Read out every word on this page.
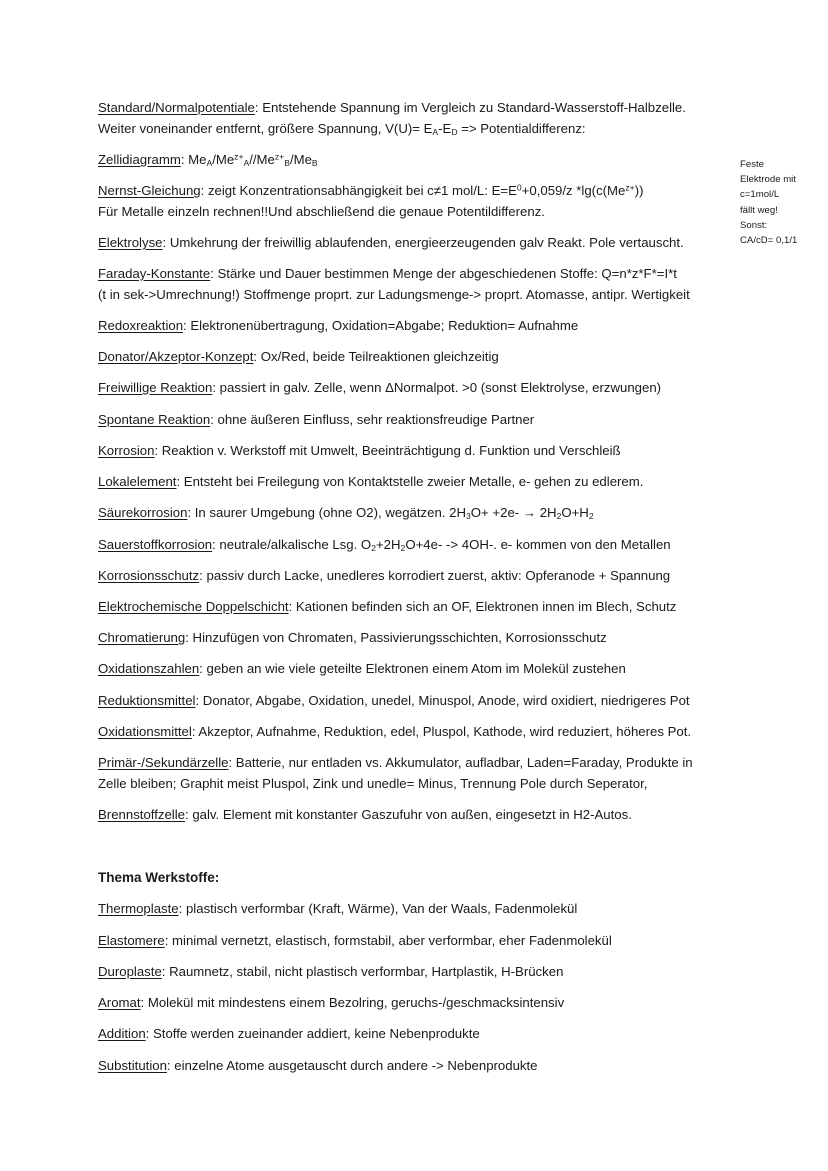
Standard/Normalpotentiale: Entstehende Spannung im Vergleich zu Standard-Wasserstoff-Halbzelle.
Weiter voneinander entfernt, größere Spannung, $V(U)= E_A-E_D$ => Potentialdifferenz:
Zellidiagramm: $Me_A/Me^{z+}_A//Me^{z+}_B/Me_B$
Nernst-Gleichung: zeigt Konzentrationsabhängigkeit bei c≠1 mol/L: $E=E^0+0,059/z$ $*\lg(c(Me^{z+}))$
Für Metalle einzeln rechnen!!Und abschließend die genaue Potentildifferenz.
Elektrolyse: Umkehrung der freiwillig ablaufenden, energieerzeugenden galv Reakt. Pole vertauscht.
Faraday-Konstante: Stärke und Dauer bestimmen Menge der abgeschiedenen Stoffe: Q=n*z*F*=I*t
(t in sek->Umrechnung!) Stoffmenge proprt. zur Ladungsmenge-> proprt. Atomasse, antipr. Wertigkeit
Redoxreaktion: Elektronenübertragung, Oxidation=Abgabe; Reduktion= Aufnahme
Donator/Akzeptor-Konzept: Ox/Red, beide Teilreaktionen gleichzeitig
Freiwillige Reaktion: passiert in galv. Zelle, wenn ΔNormalpot. >0 (sonst Elektrolyse, erzwungen)
Spontane Reaktion: ohne äußeren Einfluss, sehr reaktionsfreudige Partner
Korrosion: Reaktion v. Werkstoff mit Umwelt, Beeinträchtigung d. Funktion und Verschleiß
Lokalelement: Entsteht bei Freilegung von Kontaktstelle zweier Metalle, e- gehen zu edlerem.
Säurekorrosion: In saurer Umgebung (ohne O2), wegätzen. $2H_3O+ +2e- \to 2H_2O+H_2$
Sauerstoffkorrosion: neutrale/alkalische Lsg. $O_2+2H_2O+4e- -> 4OH-$. e- kommen von den Metallen
Korrosionsschutz: passiv durch Lacke, unedleres korrodiert zuerst, aktiv: Opferanode + Spannung
Elektrochemische Doppelschicht: Kationen befinden sich an OF, Elektronen innen im Blech, Schutz
Chromatierung: Hinzufügen von Chromaten, Passivierungsschichten, Korrosionsschutz
Oxidationszahlen: geben an wie viele geteilte Elektronen einem Atom im Molekül zustehen
Reduktionsmittel: Donator, Abgabe, Oxidation, unedel, Minuspol, Anode, wird oxidiert, niedrigeres Pot
Oxidationsmittel: Akzeptor, Aufnahme, Reduktion, edel, Pluspol, Kathode, wird reduziert, höheres Pot.
Primär-/Sekundärzelle: Batterie, nur entladen vs. Akkumulator, aufladbar, Laden=Faraday, Produkte in
Zelle bleiben; Graphit meist Pluspol, Zink und unedle= Minus, Trennung Pole durch Seperator,
Brennstoffzelle: galv. Element mit konstanter Gaszufuhr von außen, eingesetzt in H2-Autos.
Thema Werkstoffe:
Thermoplaste: plastisch verformbar (Kraft, Wärme), Van der Waals, Fadenmolekül
Elastomere: minimal vernetzt, elastisch, formstabil, aber verformbar, eher Fadenmolekül
Duroplaste: Raumnetz, stabil, nicht plastisch verformbar, Hartplastik, H-Brücken
Aromat: Molekül mit mindestens einem Bezolring, geruchs-/geschmacksintensiv
Addition: Stoffe werden zueinander addiert, keine Nebenprodukte
Substitution: einzelne Atome ausgetauscht durch andere -> Nebenprodukte
Feste
Elektrode mit
c=1mol/L
fällt weg!
Sonst:
CA/cD= 0,1/1
